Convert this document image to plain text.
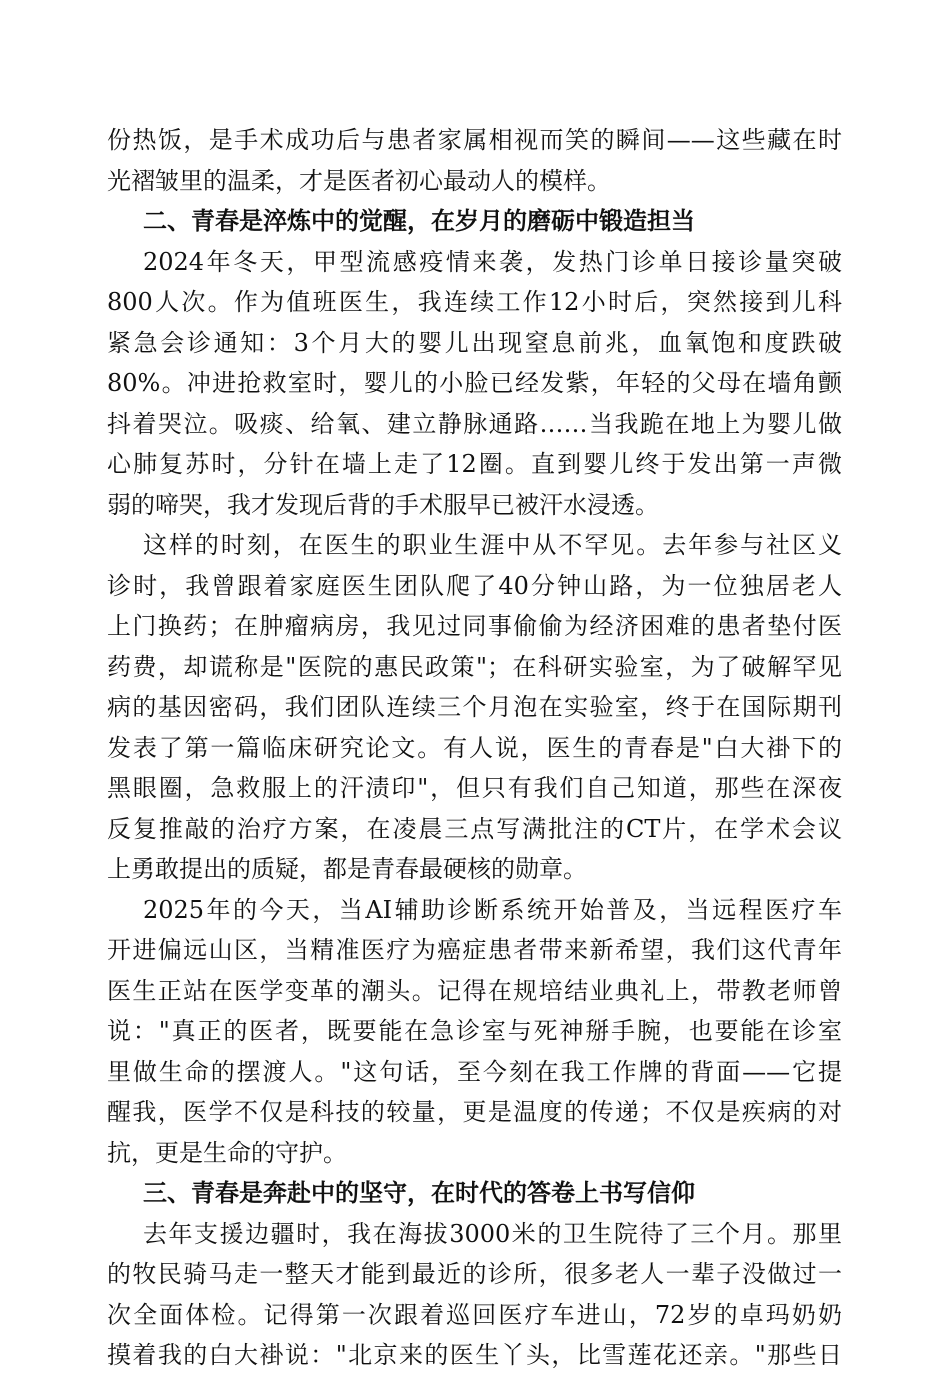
份热饭，是手术成功后与患者家属相视而笑的瞬间——这些藏在时
光褶皱里的温柔，才是医者初心最动人的模样。
二、青春是淬炼中的觉醒，在岁月的磨砺中锻造担当
2024年冬天，甲型流感疫情来袭，发热门诊单日接诊量突破
800人次。作为值班医生，我连续工作12小时后，突然接到儿科
紧急会诊通知：3个月大的婴儿出现窒息前兆，血氧饱和度跌破
80%。冲进抢救室时，婴儿的小脸已经发紫，年轻的父母在墙角颤
抖着哭泣。吸痰、给氧、建立静脉通路……当我跪在地上为婴儿做
心肺复苏时，分针在墙上走了12圈。直到婴儿终于发出第一声微
弱的啼哭，我才发现后背的手术服早已被汗水浸透。
这样的时刻，在医生的职业生涯中从不罕见。去年参与社区义
诊时，我曾跟着家庭医生团队爬了40分钟山路，为一位独居老人
上门换药；在肿瘤病房，我见过同事偷偷为经济困难的患者垫付医
药费，却谎称是"医院的惠民政策"；在科研实验室，为了破解罕见
病的基因密码，我们团队连续三个月泡在实验室，终于在国际期刊
发表了第一篇临床研究论文。有人说，医生的青春是"白大褂下的
黑眼圈，急救服上的汗渍印"，但只有我们自己知道，那些在深夜
反复推敲的治疗方案，在凌晨三点写满批注的CT片，在学术会议
上勇敢提出的质疑，都是青春最硬核的勋章。
2025年的今天，当AI辅助诊断系统开始普及，当远程医疗车
开进偏远山区，当精准医疗为癌症患者带来新希望，我们这代青年
医生正站在医学变革的潮头。记得在规培结业典礼上，带教老师曾
说："真正的医者，既要能在急诊室与死神掰手腕，也要能在诊室
里做生命的摆渡人。"这句话，至今刻在我工作牌的背面——它提
醒我，医学不仅是科技的较量，更是温度的传递；不仅是疾病的对
抗，更是生命的守护。
三、青春是奔赴中的坚守，在时代的答卷上书写信仰
去年支援边疆时，我在海拔3000米的卫生院待了三个月。那里
的牧民骑马走一整天才能到最近的诊所，很多老人一辈子没做过一
次全面体检。记得第一次跟着巡回医疗车进山，72岁的卓玛奶奶
摸着我的白大褂说："北京来的医生丫头，比雪莲花还亲。"那些日
